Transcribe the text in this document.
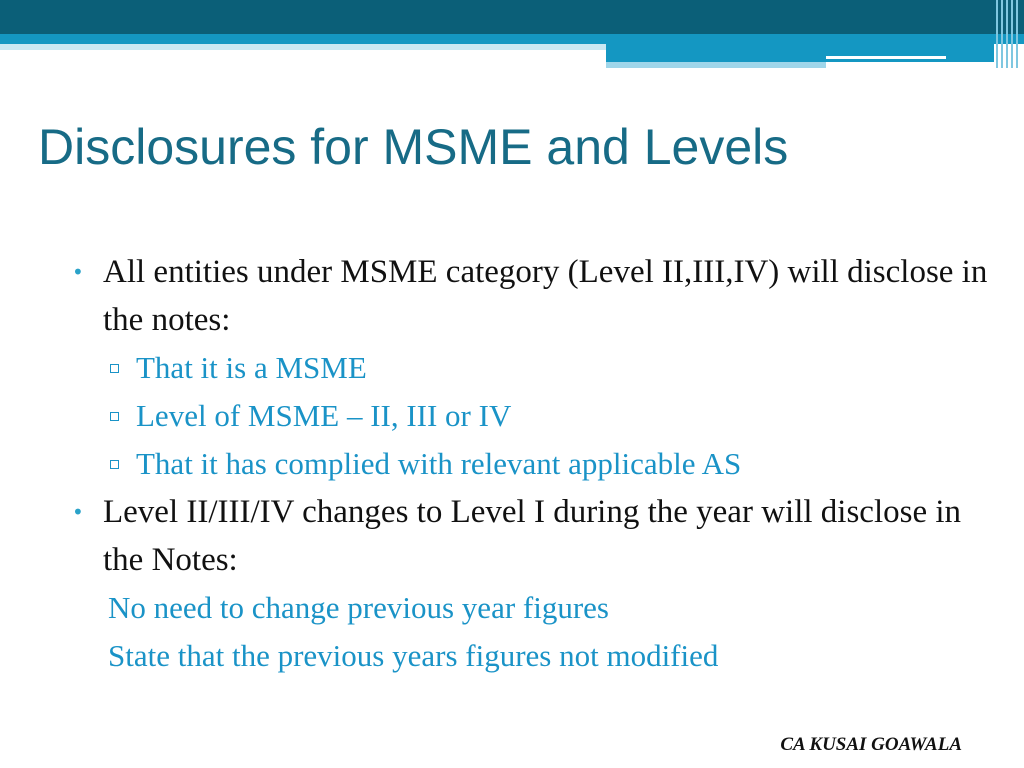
Disclosures for MSME and Levels
• All entities under MSME category (Level II,III,IV) will disclose in the notes:
That it is a MSME
Level of MSME – II, III or IV
That it has complied with relevant applicable AS
• Level II/III/IV changes to Level I during the year will disclose in the Notes:
No need to change previous year figures
State that the previous years figures not modified
CA KUSAI GOAWALA
